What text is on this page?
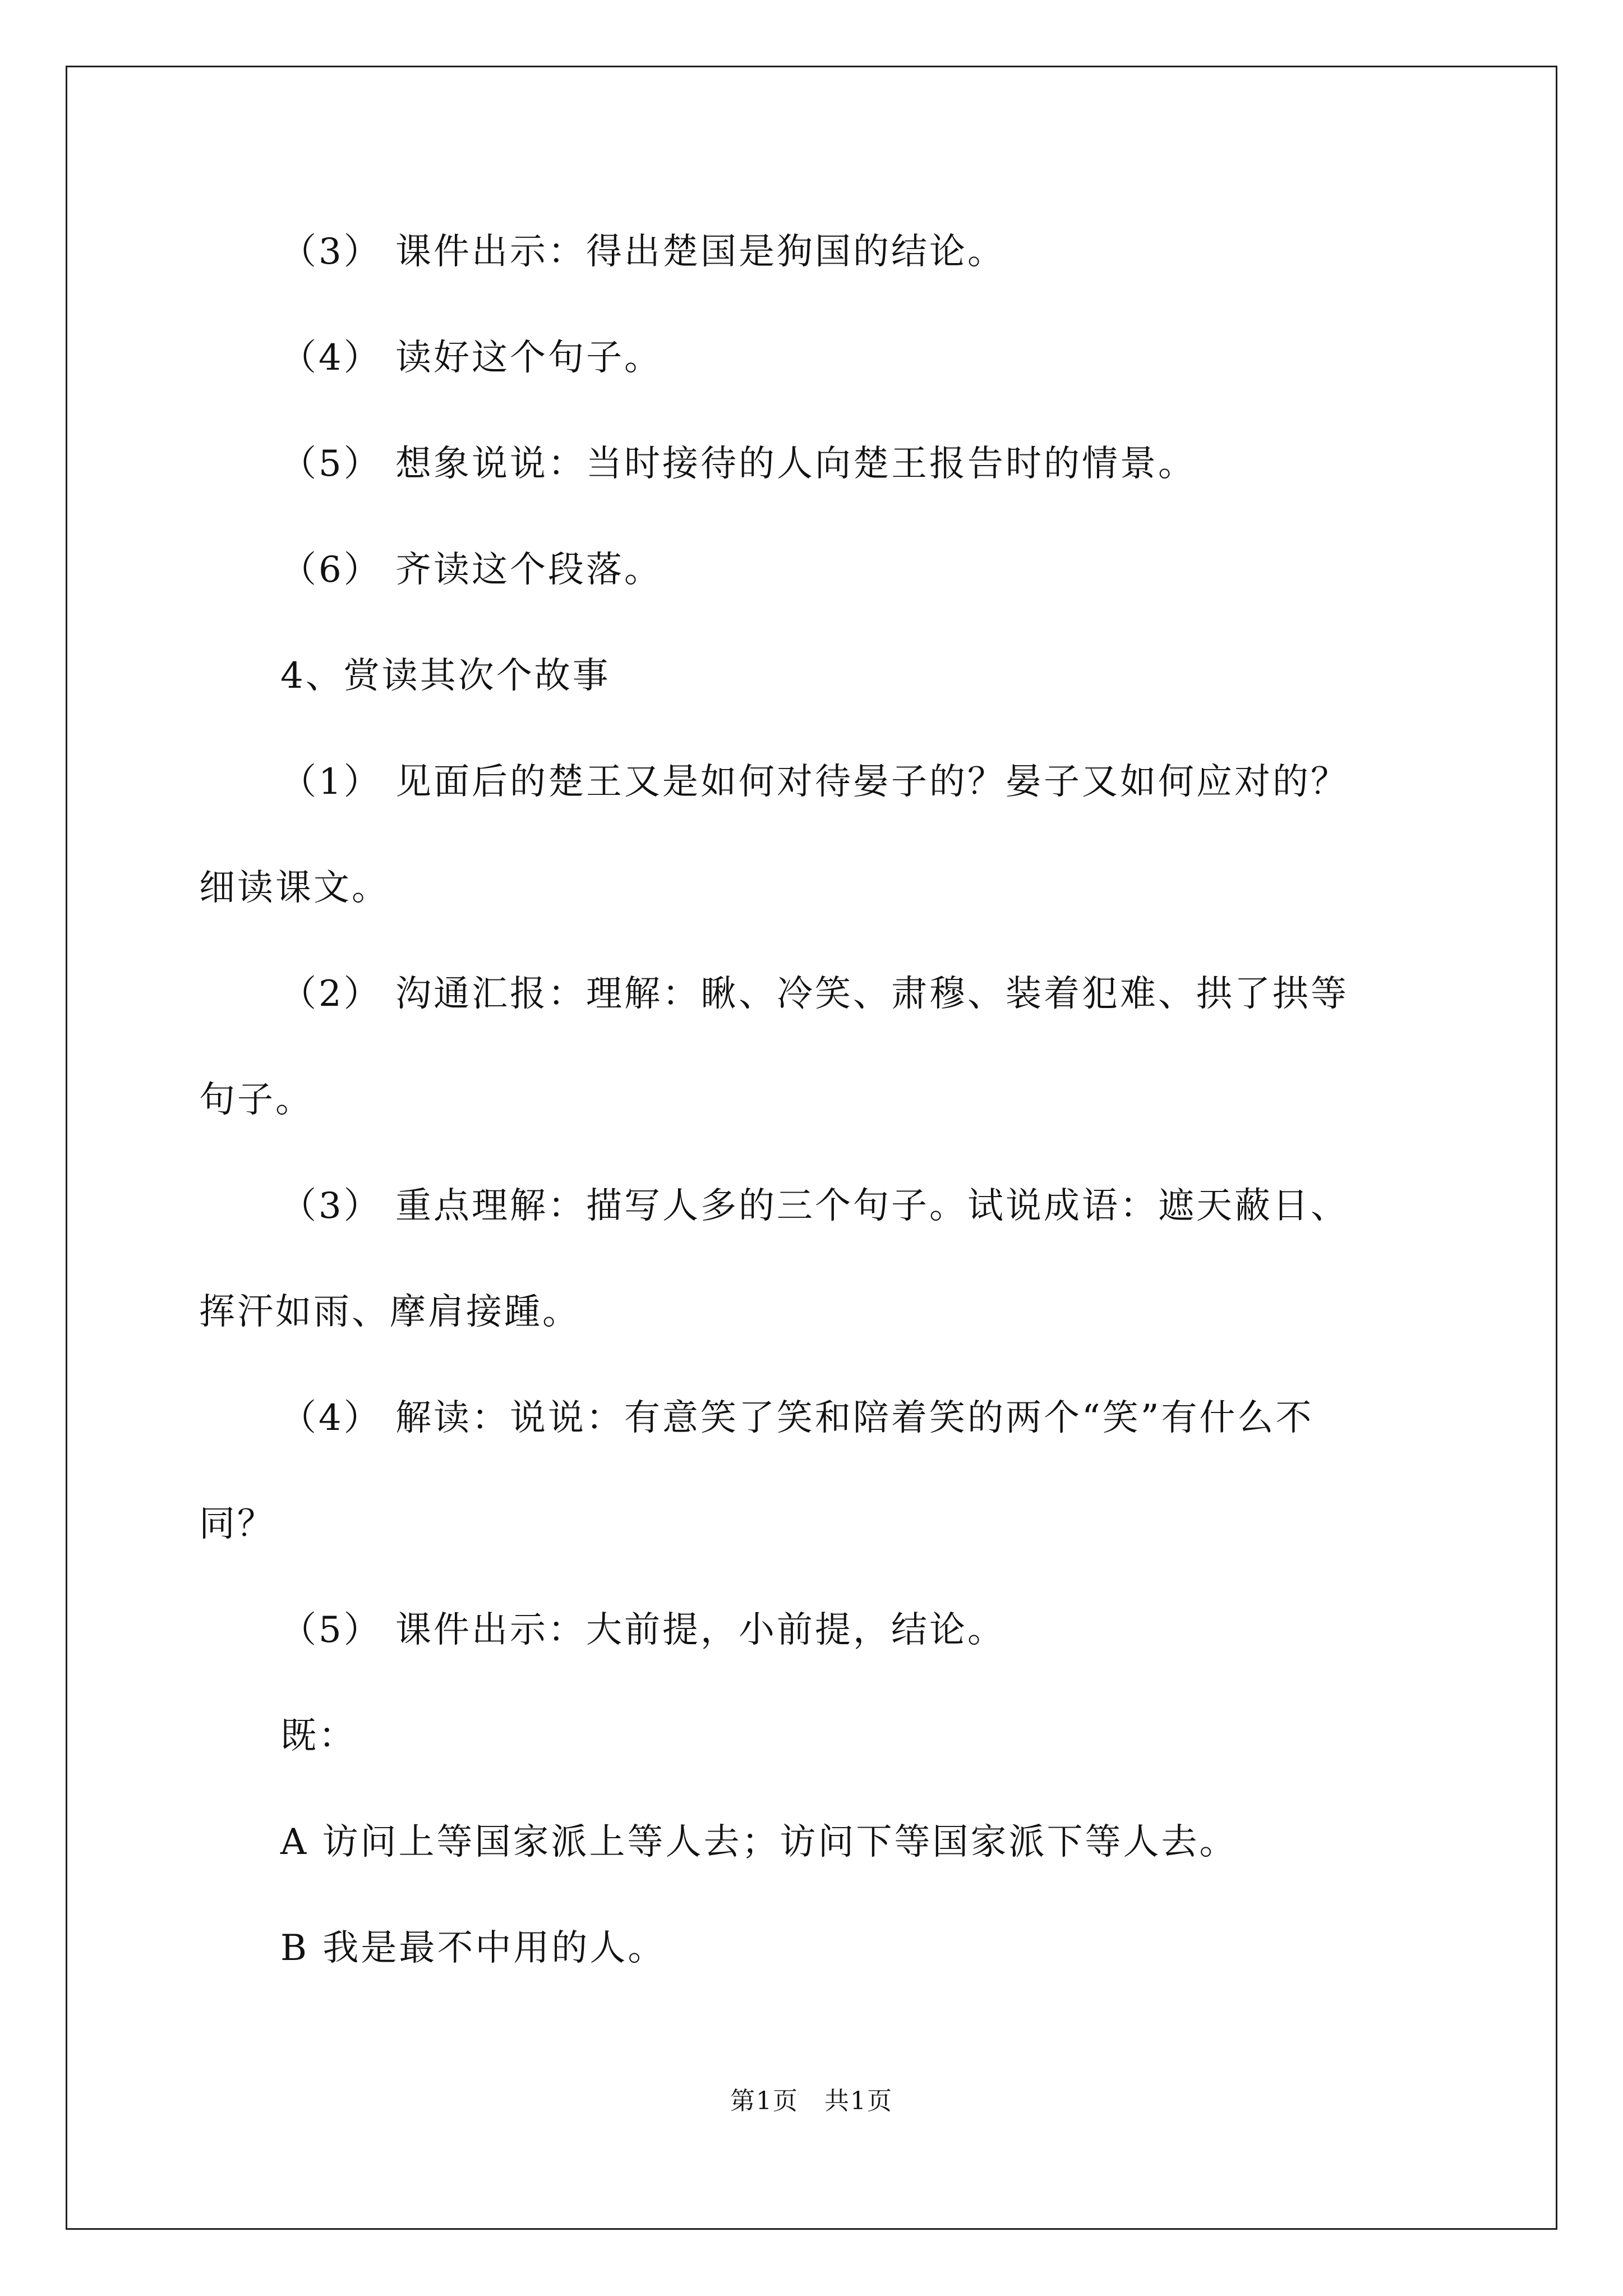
（3） 课件出示：得出楚国是狗国的结论。
（4） 读好这个句子。
（5） 想象说说：当时接待的人向楚王报告时的情景。
（6） 齐读这个段落。
4、赏读其次个故事
（1） 见面后的楚王又是如何对待晏子的？晏子又如何应对的？
细读课文。
（2） 沟通汇报：理解：瞅、冷笑、肃穆、装着犯难、拱了拱等
句子。
（3） 重点理解：描写人多的三个句子。试说成语：遮天蔽日、
挥汗如雨、摩肩接踵。
（4） 解读：说说：有意笑了笑和陪着笑的两个“笑”有什么不
同？
（5） 课件出示：大前提，小前提，结论。
既：
A 访问上等国家派上等人去；访问下等国家派下等人去。
B 我是最不中用的人。
第1页　共1页
